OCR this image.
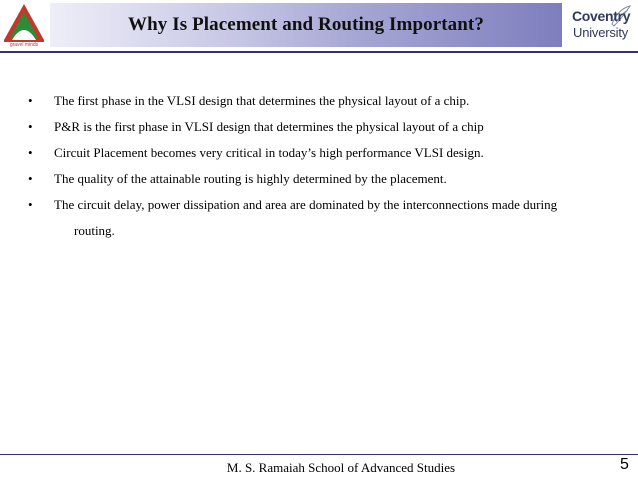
gravel minds
Why Is Placement and Routing Important?	Coventry
University
• The first phase in the VLSI design that determines the physical layout of a chip.
• P&R is the first phase in VLSI design that determines the physical layout of a chip
• Circuit Placement becomes very critical in today’s high performance VLSI design.
• The quality of the attainable routing is highly determined by the placement.
• The circuit delay, power dissipation and area are dominated by the interconnections made during
routing.
M. S. Ramaiah School of Advanced Studies	5
